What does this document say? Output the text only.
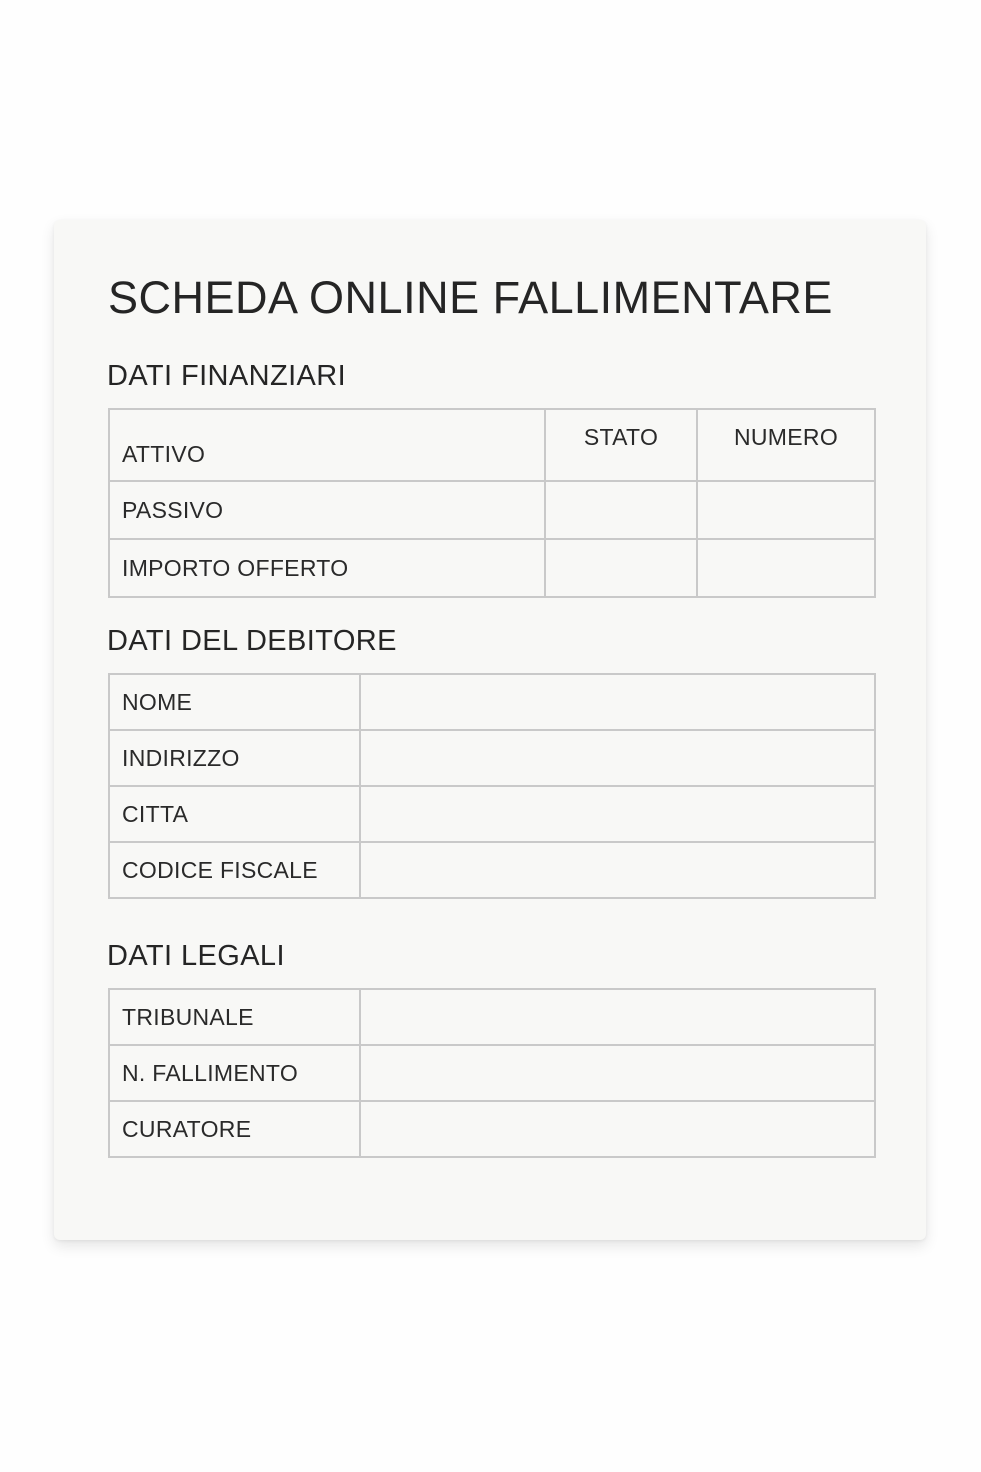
SCHEDA ONLINE FALLIMENTARE
DATI FINANZIARI
ATTIVO	STATO	NUMERO
PASSIVO		
IMPORTO OFFERTO		
DATI DEL DEBITORE
NOME	
INDIRIZZO	
CITTA	
CODICE FISCALE	
DATI LEGALI
TRIBUNALE	
N. FALLIMENTO	
CURATORE	
